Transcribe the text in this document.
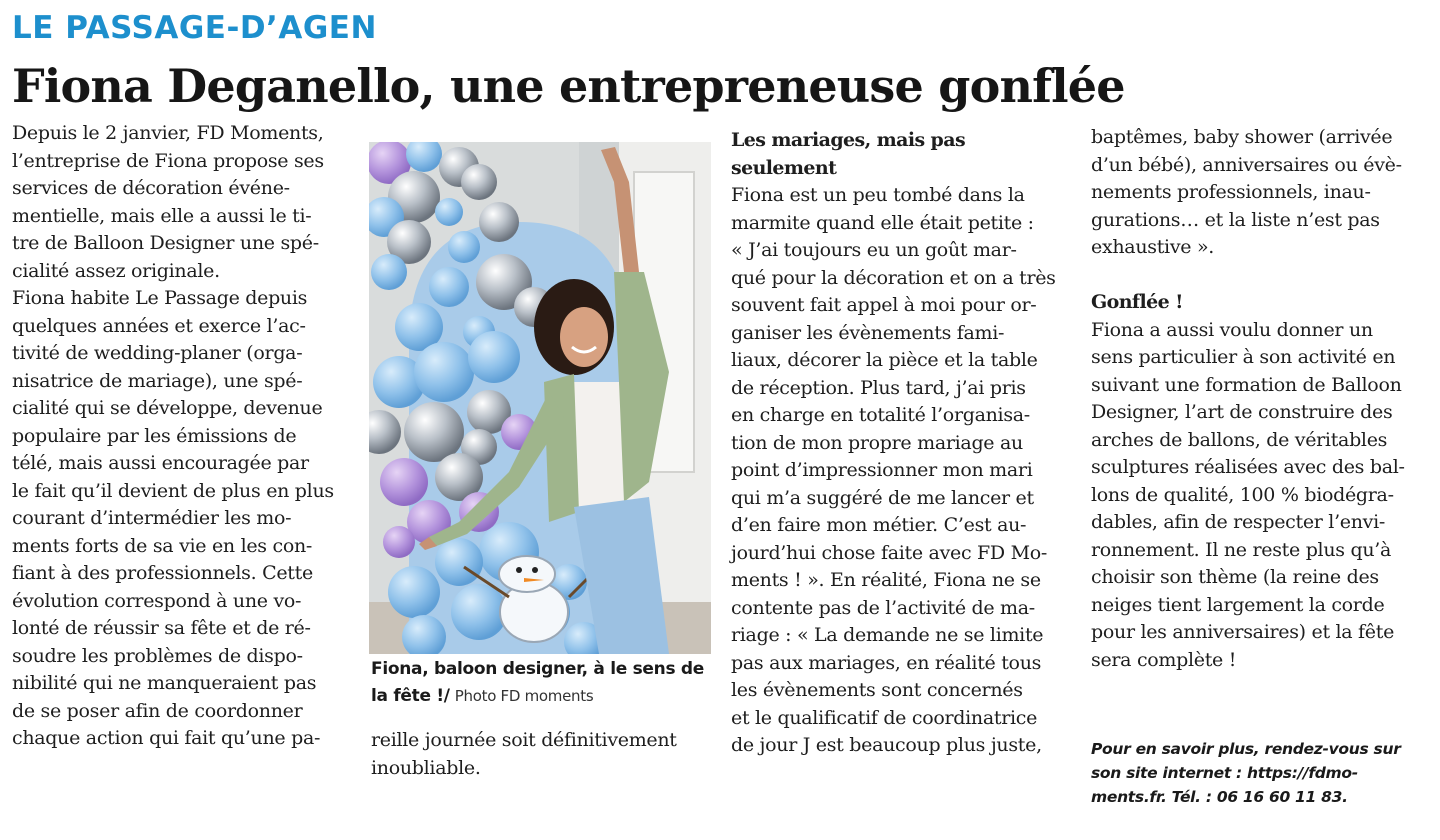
LE PASSAGE-D’AGEN
Fiona Deganello, une entrepreneuse gonflée
Depuis le 2 janvier, FD Moments,
l’entreprise de Fiona propose ses
services de décoration événe-
mentielle, mais elle a aussi le ti-
tre de Balloon Designer une spé-
cialité assez originale.
Fiona habite Le Passage depuis
quelques années et exerce l’ac-
tivité de wedding-planer (orga-
nisatrice de mariage), une spé-
cialité qui se développe, devenue
populaire par les émissions de
télé, mais aussi encouragée par
le fait qu’il devient de plus en plus
courant d’intermédier les mo-
ments forts de sa vie en les con-
fiant à des professionnels. Cette
évolution correspond à une vo-
lonté de réussir sa fête et de ré-
soudre les problèmes de dispo-
nibilité qui ne manqueraient pas
de se poser afin de coordonner
chaque action qui fait qu’une pa-
Fiona, baloon designer, à le sens de
la fête !/ Photo FD moments
reille journée soit définitivement
inoubliable.
Les mariages, mais pas
seulement
Fiona est un peu tombé dans la
marmite quand elle était petite :
« J’ai toujours eu un goût mar-
qué pour la décoration et on a très
souvent fait appel à moi pour or-
ganiser les évènements fami-
liaux, décorer la pièce et la table
de réception. Plus tard, j’ai pris
en charge en totalité l’organisa-
tion de mon propre mariage au
point d’impressionner mon mari
qui m’a suggéré de me lancer et
d’en faire mon métier. C’est au-
jourd’hui chose faite avec FD Mo-
ments ! ». En réalité, Fiona ne se
contente pas de l’activité de ma-
riage : « La demande ne se limite
pas aux mariages, en réalité tous
les évènements sont concernés
et le qualificatif de coordinatrice
de jour J est beaucoup plus juste,
baptêmes, baby shower (arrivée
d’un bébé), anniversaires ou évè-
nements professionnels, inau-
gurations… et la liste n’est pas
exhaustive ».
Gonflée !
Fiona a aussi voulu donner un
sens particulier à son activité en
suivant une formation de Balloon
Designer, l’art de construire des
arches de ballons, de véritables
sculptures réalisées avec des bal-
lons de qualité, 100 % biodégra-
dables, afin de respecter l’envi-
ronnement. Il ne reste plus qu’à
choisir son thème (la reine des
neiges tient largement la corde
pour les anniversaires) et la fête
sera complète !
Pour en savoir plus, rendez-vous sur
son site internet : https://fdmo-
ments.fr. Tél. : 06 16 60 11 83.
